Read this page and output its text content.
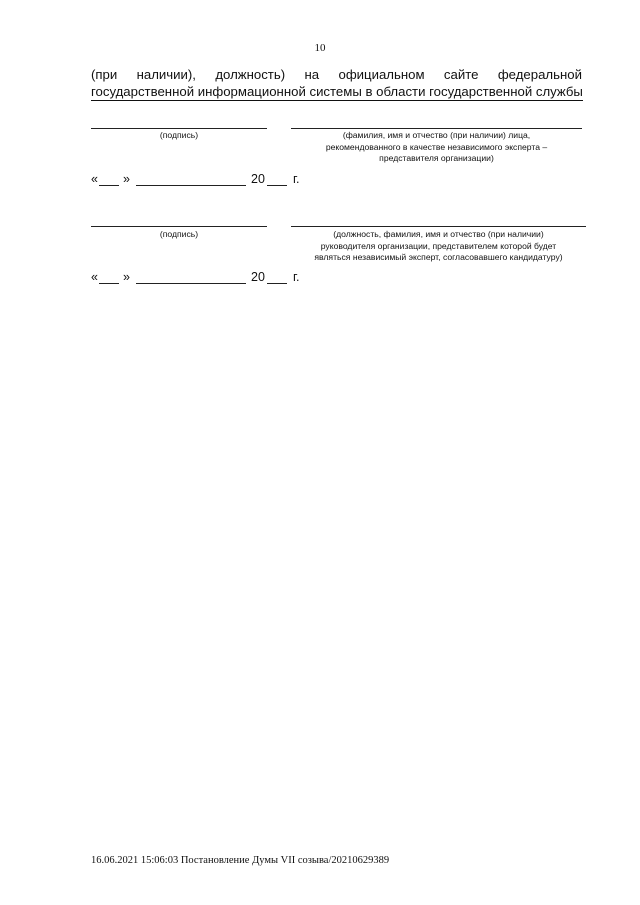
10
(при наличии), должность) на официальном сайте федеральной
государственной информационной системы в области государственной службы
(подпись)	(фамилия, имя и отчество (при наличии) лица,
рекомендованного в качестве независимого эксперта –
представителя организации)
« »	20 г.
(подпись)	(должность, фамилия, имя и отчество (при наличии)
руководителя организации, представителем которой будет
являться независимый эксперт, согласовавшего кандидатуру)
« »	20 г.
16.06.2021 15:06:03 Постановление Думы VII созыва/20210629389
